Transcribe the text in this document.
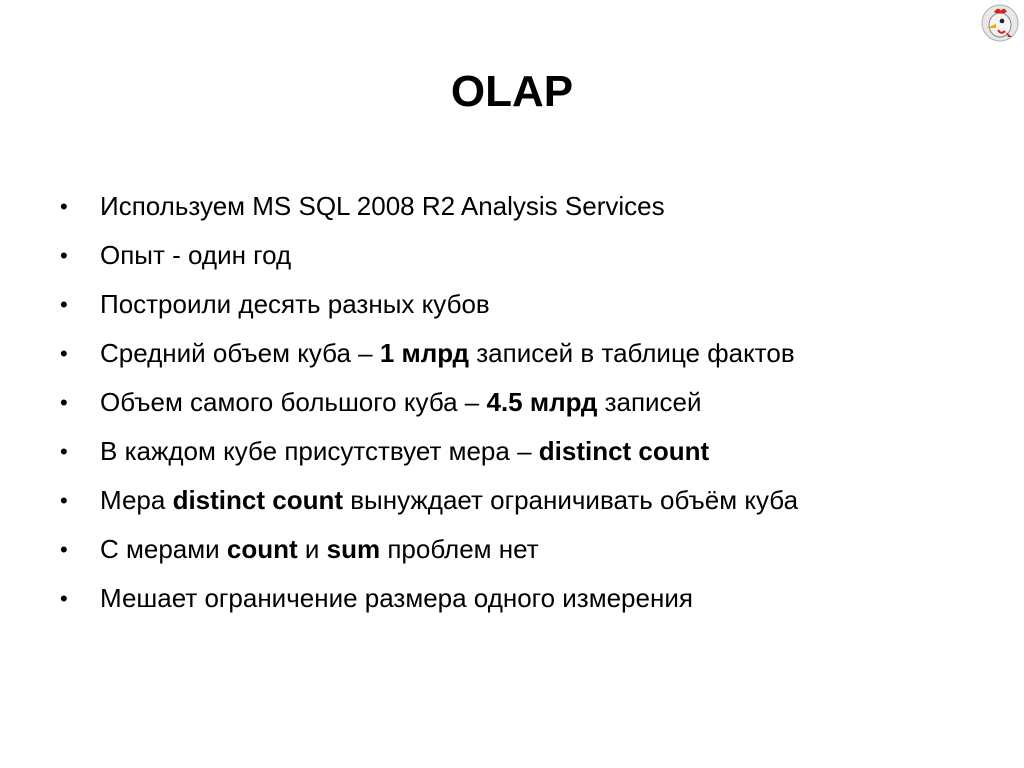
OLAP
•	Используем MS SQL 2008 R2 Analysis Services
•	Опыт - один год
•	Построили десять разных кубов
•	Средний объем куба – 1 млрд записей в таблице фактов
•	Объем самого большого куба – 4.5 млрд записей
•	В каждом кубе присутствует мера – distinct count
•	Мера distinct count вынуждает ограничивать объём куба
•	С мерами count и sum проблем нет
•	Мешает ограничение размера одного измерения
